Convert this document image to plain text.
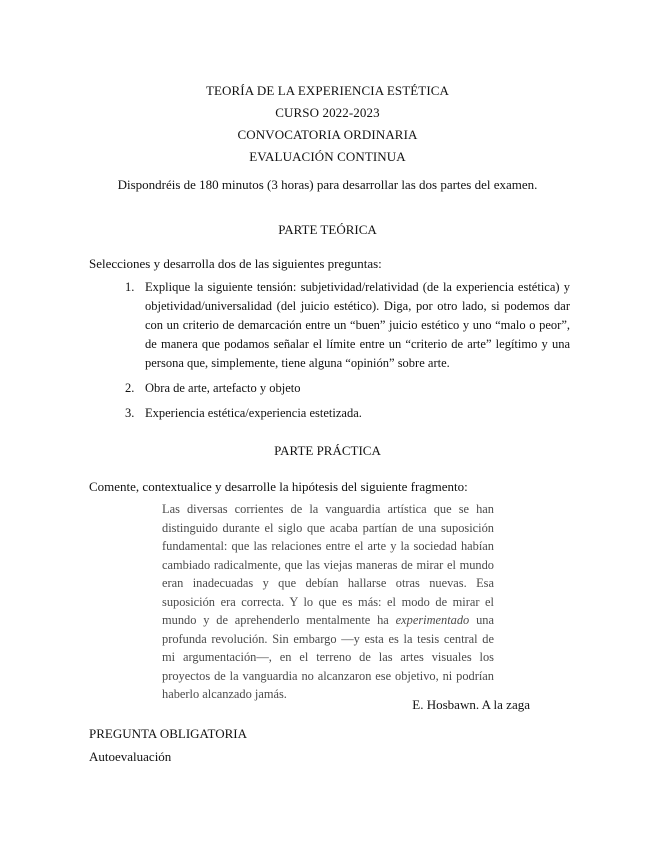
TEORÍA DE LA EXPERIENCIA ESTÉTICA
CURSO 2022-2023
CONVOCATORIA ORDINARIA
EVALUACIÓN CONTINUA
Dispondréis de 180 minutos (3 horas) para desarrollar las dos partes del examen.
PARTE TEÓRICA
Selecciones y desarrolla dos de las siguientes preguntas:
1. Explique la siguiente tensión: subjetividad/relatividad (de la experiencia estética) y objetividad/universalidad (del juicio estético). Diga, por otro lado, si podemos dar con un criterio de demarcación entre un “buen” juicio estético y uno “malo o peor”, de manera que podamos señalar el límite entre un “criterio de arte” legítimo y una persona que, simplemente, tiene alguna “opinión” sobre arte.
2. Obra de arte, artefacto y objeto
3. Experiencia estética/experiencia estetizada.
PARTE PRÁCTICA
Comente, contextualice y desarrolle la hipótesis del siguiente fragmento:
Las diversas corrientes de la vanguardia artística que se han distinguido durante el siglo que acaba partían de una suposición fundamental: que las relaciones entre el arte y la sociedad habían cambiado radicalmente, que las viejas maneras de mirar el mundo eran inadecuadas y que debían hallarse otras nuevas. Esa suposición era correcta. Y lo que es más: el modo de mirar el mundo y de aprehenderlo mentalmente ha experimentado una profunda revolución. Sin embargo —y esta es la tesis central de mi argumentación—, en el terreno de las artes visuales los proyectos de la vanguardia no alcanzaron ese objetivo, ni podrían haberlo alcanzado jamás.
E. Hosbawn. A la zaga
PREGUNTA OBLIGATORIA
Autoevaluación
